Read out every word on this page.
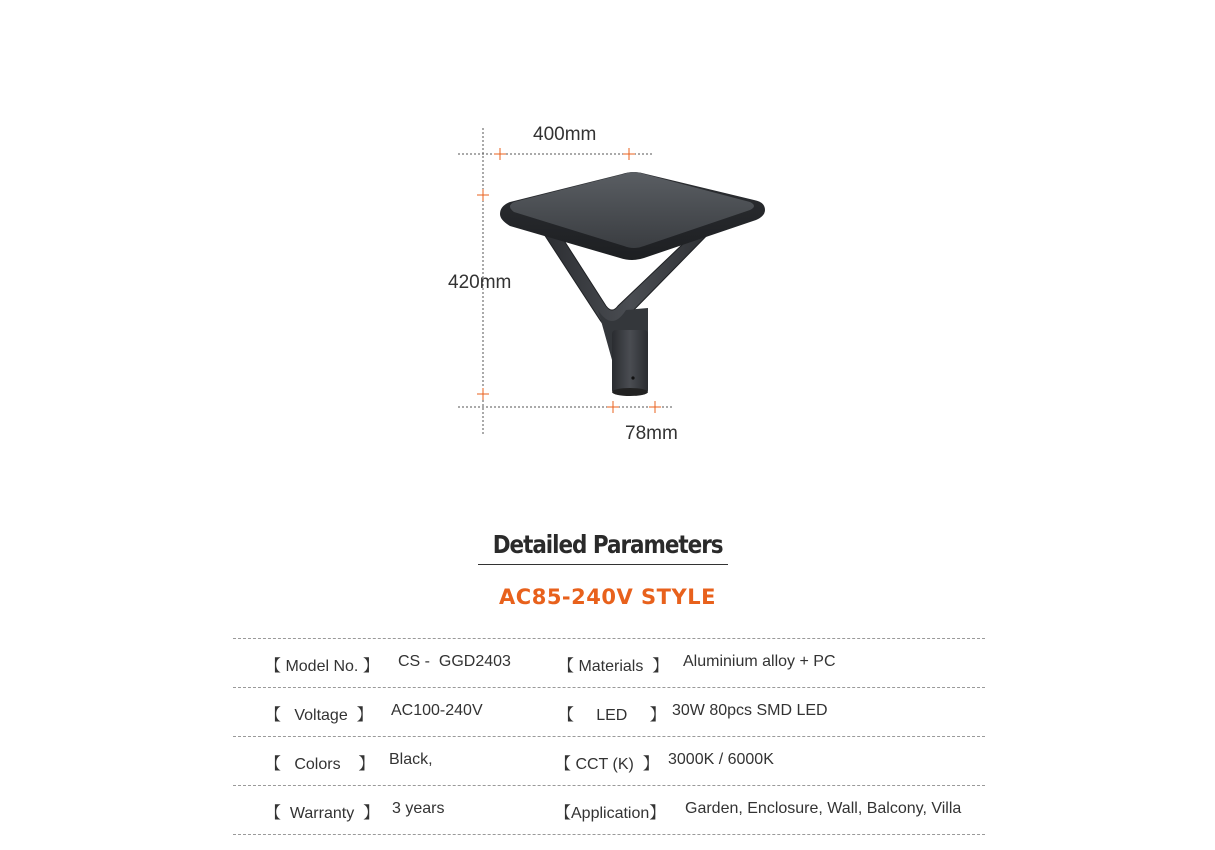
400mm
420mm
78mm
Detailed Parameters
AC85-240V STYLE
【 Model No. 】 CS -  GGD2403	【 Materials  】 Aluminium alloy + PC
【   Voltage  】 AC100-240V	【     LED     】 30W 80pcs SMD LED
【   Colors    】 Black,	【 CCT (K)  】 3000K / 6000K
【  Warranty  】 3 years	【Application】 Garden, Enclosure, Wall, Balcony, Villa
